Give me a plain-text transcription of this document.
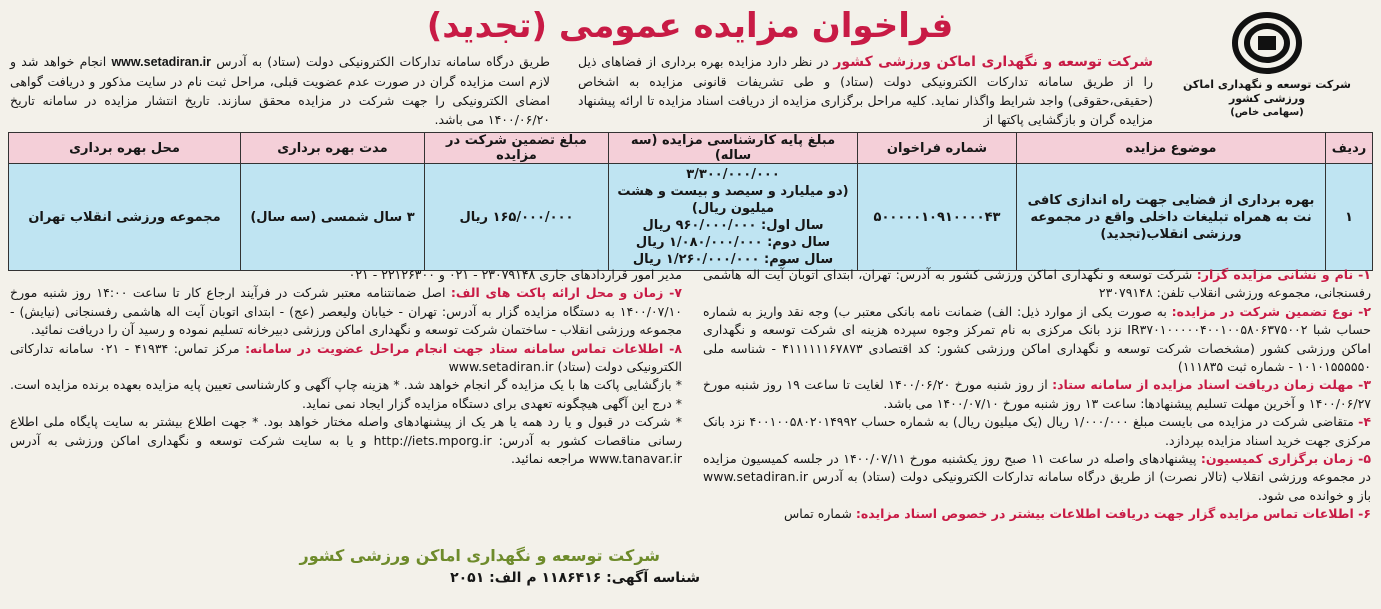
فراخوان مزایده عمومی (تجدید)
شرکت توسعه و نگهداری اماکن ورزشی کشور
(سهامی خاص)
شرکت توسعه و نگهداری اماکن ورزشی کشور در نظر دارد مزایده بهره برداری از فضاهای ذیل را از طریق سامانه تدارکات الکترونیکی دولت (ستاد) و طی تشریفات قانونی مزایده به اشخاص (حقیقی،حقوقی) واجد شرایط واگذار نماید. کلیه مراحل برگزاری مزایده از دریافت اسناد مزایده تا ارائه پیشنهاد مزایده گران و بازگشایی پاکتها از
طریق درگاه سامانه تدارکات الکترونیکی دولت (ستاد) به آدرس www.setadiran.ir انجام خواهد شد و لازم است مزایده گران در صورت عدم عضویت قبلی، مراحل ثبت نام در سایت مذکور و دریافت گواهی امضای الکترونیکی را جهت شرکت در مزایده محقق سازند. تاریخ انتشار مزایده در سامانه تاریخ ۱۴۰۰/۰۶/۲۰ می باشد.
ردیف	موضوع مزایده	شماره فراخوان	مبلغ پایه کارشناسی مزایده (سه ساله)	مبلغ تضمین شرکت در مزایده	مدت بهره برداری	محل بهره برداری
۱	بهره برداری از فضایی جهت راه اندازی کافی نت به همراه تبلیغات داخلی واقع در مجموعه ورزشی انقلاب(تجدید)	۵۰۰۰۰۰۱۰۹۱۰۰۰۰۴۳	۳/۳۰۰/۰۰۰/۰۰۰
(دو میلیارد و سیصد و بیست و هشت میلیون ریال)
سال اول: ۹۶۰/۰۰۰/۰۰۰ ریال
سال دوم: ۱/۰۸۰/۰۰۰/۰۰۰ ریال
سال سوم: ۱/۲۶۰/۰۰۰/۰۰۰ ریال	۱۶۵/۰۰۰/۰۰۰ ریال	۳ سال شمسی (سه سال)	مجموعه ورزشی انقلاب تهران

۱- نام و نشانی مزایده گزار: شرکت توسعه و نگهداری اماکن ورزشی کشور به آدرس: تهران، ابتدای اتوبان آیت اله هاشمی رفسنجانی، مجموعه ورزشی انقلاب تلفن: ۲۳۰۷۹۱۴۸

۲- نوع تضمین شرکت در مزایده: به صورت یکی از موارد ذیل: الف) ضمانت نامه بانکی معتبر ب) وجه نقد واریز به شماره حساب شبا IR۳۷۰۱۰۰۰۰۰۴۰۰۱۰۰۵۸۰۶۳۷۵۰۰۲ نزد بانک مرکزی به نام تمرکز وجوه سپرده هزینه ای شرکت توسعه و نگهداری اماکن ورزشی کشور (مشخصات شرکت توسعه و نگهداری اماکن ورزشی کشور: کد اقتصادی ۴۱۱۱۱۱۱۶۷۸۷۳ - شناسه ملی ۱۰۱۰۱۵۵۵۵۵۰ - شماره ثبت ۱۱۱۸۳۵)

۳- مهلت زمان دریافت اسناد مزایده از سامانه ستاد: از روز شنبه مورخ ۱۴۰۰/۰۶/۲۰ لغایت تا ساعت ۱۹ روز شنبه مورخ ۱۴۰۰/۰۶/۲۷ و آخرین مهلت تسلیم پیشنهادها: ساعت ۱۳ روز شنبه مورخ ۱۴۰۰/۰۷/۱۰ می باشد.

۴- متقاضی شرکت در مزایده می بایست مبلغ ۱/۰۰۰/۰۰۰ ریال (یک میلیون ریال) به شماره حساب ۴۰۰۱۰۰۵۸۰۲۰۱۴۹۹۲ نزد بانک مرکزی جهت خرید اسناد مزایده بپردازد.

۵- زمان برگزاری کمیسیون: پیشنهادهای واصله در ساعت ۱۱ صبح روز یکشنبه مورخ ۱۴۰۰/۰۷/۱۱ در جلسه کمیسیون مزایده در مجموعه ورزشی انقلاب (تالار نصرت) از طریق درگاه سامانه تدارکات الکترونیکی دولت (ستاد) به آدرس www.setadiran.ir باز و خوانده می شود.

۶- اطلاعات تماس مزایده گزار جهت دریافت اطلاعات بیشتر در خصوص اسناد مزایده: شماره تماس

مدیر امور قراردادهای جاری ۲۳۰۷۹۱۴۸ - ۰۲۱ و ۲۲۱۲۶۳۰۰ - ۰۲۱

۷- زمان و محل ارائه پاکت های الف: اصل ضمانتنامه معتبر شرکت در فرآیند ارجاع کار تا ساعت ۱۴:۰۰ روز شنبه مورخ ۱۴۰۰/۰۷/۱۰ به دستگاه مزایده گزار به آدرس: تهران - خیابان ولیعصر (عج) - ابتدای اتوبان آیت اله هاشمی رفسنجانی (نیایش) - مجموعه ورزشی انقلاب - ساختمان شرکت توسعه و نگهداری اماکن ورزشی دبیرخانه تسلیم نموده و رسید آن را دریافت نمائید.

۸- اطلاعات تماس سامانه ستاد جهت انجام مراحل عضویت در سامانه: مرکز تماس: ۴۱۹۳۴ - ۰۲۱ سامانه تدارکاتی الکترونیکی دولت (ستاد) www.setadiran.ir

* بازگشایی پاکت ها با یک مزایده گر انجام خواهد شد. * هزینه چاپ آگهی و کارشناسی تعیین پایه مزایده بعهده برنده مزایده است. * درج این آگهی هیچگونه تعهدی برای دستگاه مزایده گزار ایجاد نمی نماید.

* شرکت در قبول و یا رد همه یا هر یک از پیشنهادهای واصله مختار خواهد بود. * جهت اطلاع بیشتر به سایت پایگاه ملی اطلاع رسانی مناقصات کشور به آدرس: http://iets.mporg.ir و یا به سایت شرکت توسعه و نگهداری اماکن ورزشی به آدرس www.tanavar.ir مراجعه نمائید.

شرکت توسعه و نگهداری اماکن ورزشی کشور
شناسه آگهی: ۱۱۸۶۴۱۶ م الف: ۲۰۵۱
